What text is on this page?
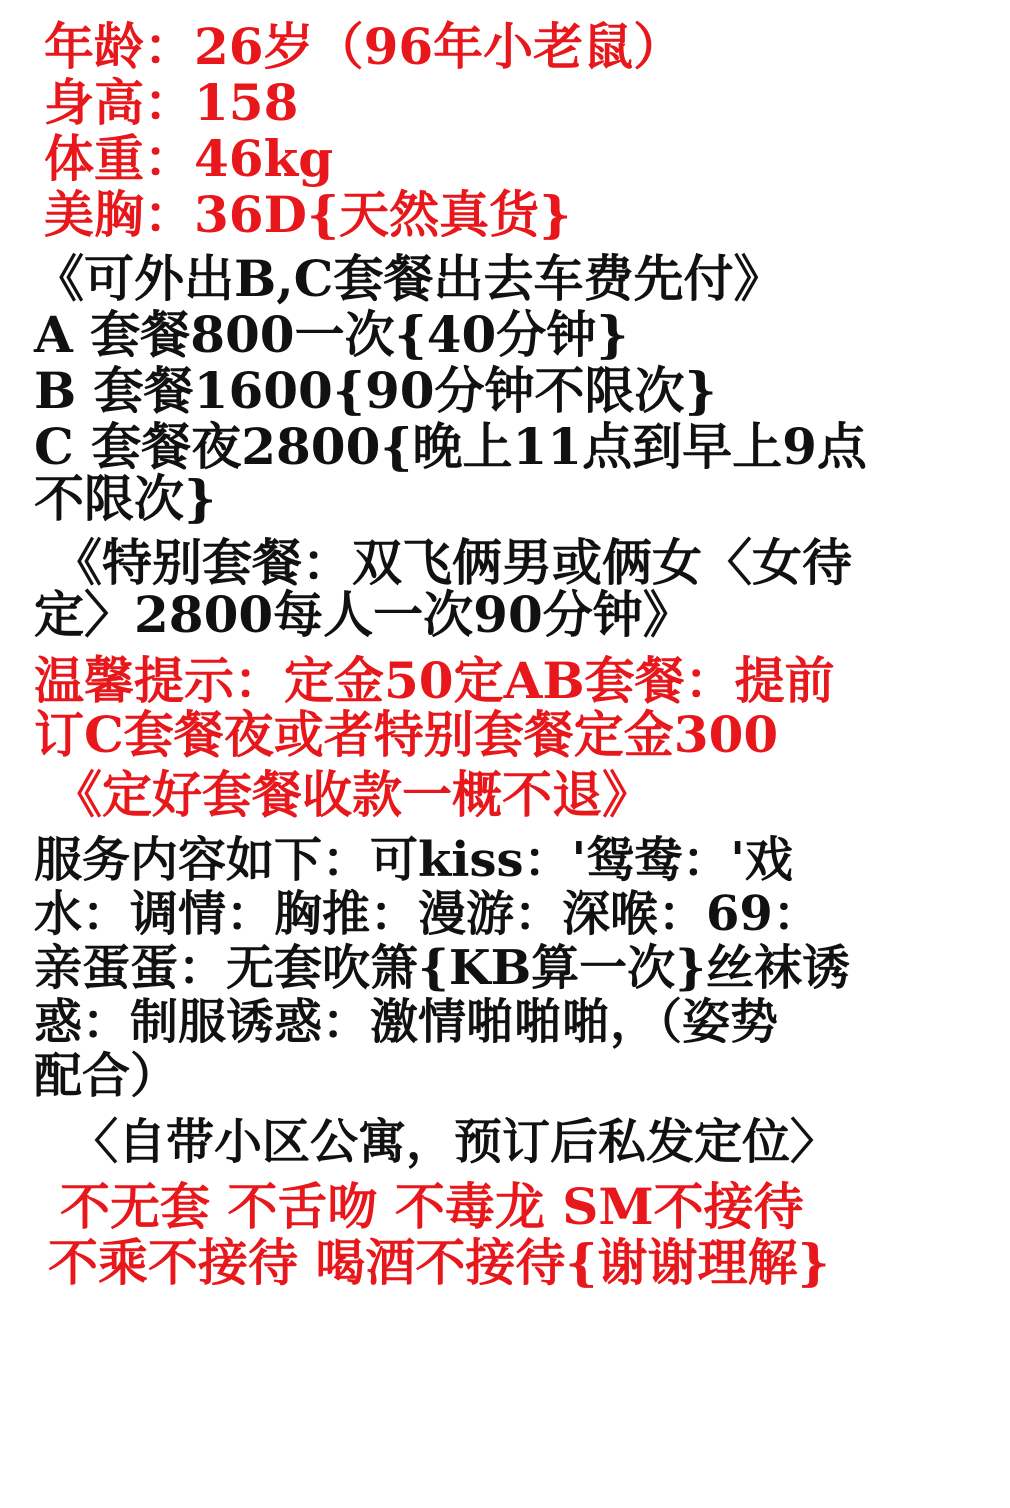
年龄：26岁（96年小老鼠）
身高：158
体重：46kg
美胸：36D{天然真货}
《可外出B,C套餐出去车费先付》
A 套餐800一次{40分钟}
B 套餐1600{90分钟不限次}
C 套餐夜2800{晚上11点到早上9点
不限次}
《特别套餐：双飞俩男或俩女〈女待
定〉2800每人一次90分钟》
温馨提示：定金50定AB套餐：提前
订C套餐夜或者特别套餐定金300
《定好套餐收款一概不退》
服务内容如下：可kiss：'鸳鸯：'戏
水：调情：胸推：漫游：深喉：69：
亲蛋蛋：无套吹箫{KB算一次}丝袜诱
惑：制服诱惑：激情啪啪啪，（姿势
配合）
〈自带小区公寓，预订后私发定位〉
不无套 不舌吻 不毒龙 SM不接待
不乘不接待 喝酒不接待{谢谢理解}
